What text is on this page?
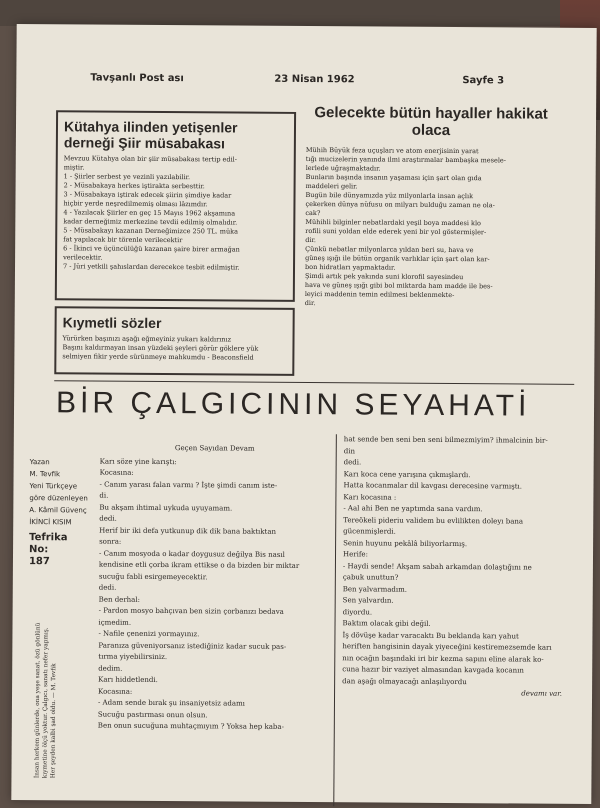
Tavşanlı Post ası	23 Nisan 1962	Sayfe 3
Kütahya ilinden yetişenler derneği Şiir müsabakası

Mevzuu Kütahya olan bir şiir müsabakası tertip edil-

miştir.

1 - Şiirler serbest ye vezinli yazılabilir.

2 - Müsabakaya herkes iştirakta serbesttir.

3 - Müsabakaya iştirak edecek şiirin şimdiye kadar

hiçbir yerde neşredilmemiş olması lâzımdır.

4 - Yazılacak Şiirler en geç 15 Mayıs 1962 akşamına

kadar derneğimiz merkezine tevdii edilmiş olmalıdır.

5 - Müsabakayı kazanan Derneğimizce 250 TL. müka

fat yapılacak bir törenle verilecektir

6 - İkinci ve üçüncülüğü kazanan şaire birer armağan

verilecektir.

7 - Jüri yetkili şahıslardan derecekce tesbit edilmiştir.

Kıymetli sözler

Yürürken başınızı aşağı eğmeyiniz yukarı kaldırınız

Başını kaldırmayan insan yüzdeki şeyleri görür göklere yük

selmiyen fikir yerde sürünmeye mahkumdu - Beaconsfield

Gelecekte bütün hayaller hakikat olaca

Mühih Büyük feza uçuşları ve atom enerjisinin yarat

tığı mucizelerin yanında ilmi araştırmalar bambaşka mesele-

lerlede uğraşmaktadır.

Bunların başında insanın yaşaması için şart olan gıda

maddeleri gelir.

Bugün bile dünyamızda yüz milyonlarla insan açlık

çekerken dünya nüfusu on milyarı bulduğu zaman ne ola-

cak?

Mühihli bilginler nebatlardaki yeşil boya maddesi klo

rofili suni yoldan elde ederek yeni bir yol göstermişler-

dir.

Çünkü nebatlar milyonlarca yıldan beri su, hava ve

güneş ışığı ile bütün organik varlıklar için şart olan kar-

bon hidratları yapmaktadır.

Şimdi artık pek yakında suni klorofil sayesindeu

hava ve güneş ışığı gibi bol miktarda ham madde ile bes-

leyici maddenin temin edilmesi beklenmekte-

dir.

BİR ÇALGICININ SEYAHATİ

Yazan

M. Tevfik

Yeni Türkçeye

göre düzenleyen

A. Kâmil Güvenç

İKİNCİ KISIM

Tefrika No:

187

İnsan herkem günlerde, ona yeşe sanat, özü gönlünü kıymetine ölçü yoktur. Çalgıcı, sanatı nefer yapmış. Her şeyden kalbi şad oldu. — M. Tevfik

Geçen Sayıdan Devam

Karı söze yine karıştı:

Kocasına:

- Canım yarası falan varmı ? İşte şimdi canım iste-

di.

Bu akşam ihtimal uykuda uyuyamam.

dedi.

Herif bir iki defa yutkunup dik dik bana baktıktan

sonra:

- Canım mosyoda o kadar doygusuz değilya Bis nasıl

kendisine etli çorba ikram ettikse o da bizden bir miktar

sucuğu fabli esirgemeyecektir.

dedi.

Ben derhal:

- Pardon mosyo bahçıvan ben sizin çorbanızı bedava

içmedim.

- Nafile çenenizi yormayınız.

Paranıza güveniyorsanız istediğiniz kadar sucuk pas-

tırma yiyebilirsiniz.

dedim.

Karı hiddetlendi.

Kocasına:

- Adam sende bırak şu insaniyetsiz adamı

Sucuğu pastırması onun olsun.

Ben onun sucuğuna muhtaçmıyım ? Yoksa hep kaba-

hat sende ben seni ben seni bilmezmiyim? ihmalcinin bir-

din

dedi.

Karı koca cene yarışına çıkmışlardı.

Hatta kocanmalar dil kavgası derecesine varmıştı.

Karı kocasına :

- Aal ahi Ben ne yaptımda sana vardım.

Tereökeli pideriu validem bu evlilikten doleyı bana

gücenmişlerdi.

Senin huyunu pekâlâ biliyorlarmış.

Herife:

- Haydi sende! Akşam sabah arkamdan dolaştığını ne

çabuk unuttun?

Ben yalvarmadım.

Sen yalvardın.

diyordu.

Baktım olacak gibi değil.

İş dövüşe kadar varacaktı Bu beklanda karı yahut

heriften hangisinin dayak yiyeceğini kestiremezsemde karı

nın ocağın başındaki iri bir kezma sapını eline alarak ko-

cuna hazır bir vaziyet almasından kavgada kocanın

dan aşağı olmayacağı anlaşılıyordu

devamı var.
